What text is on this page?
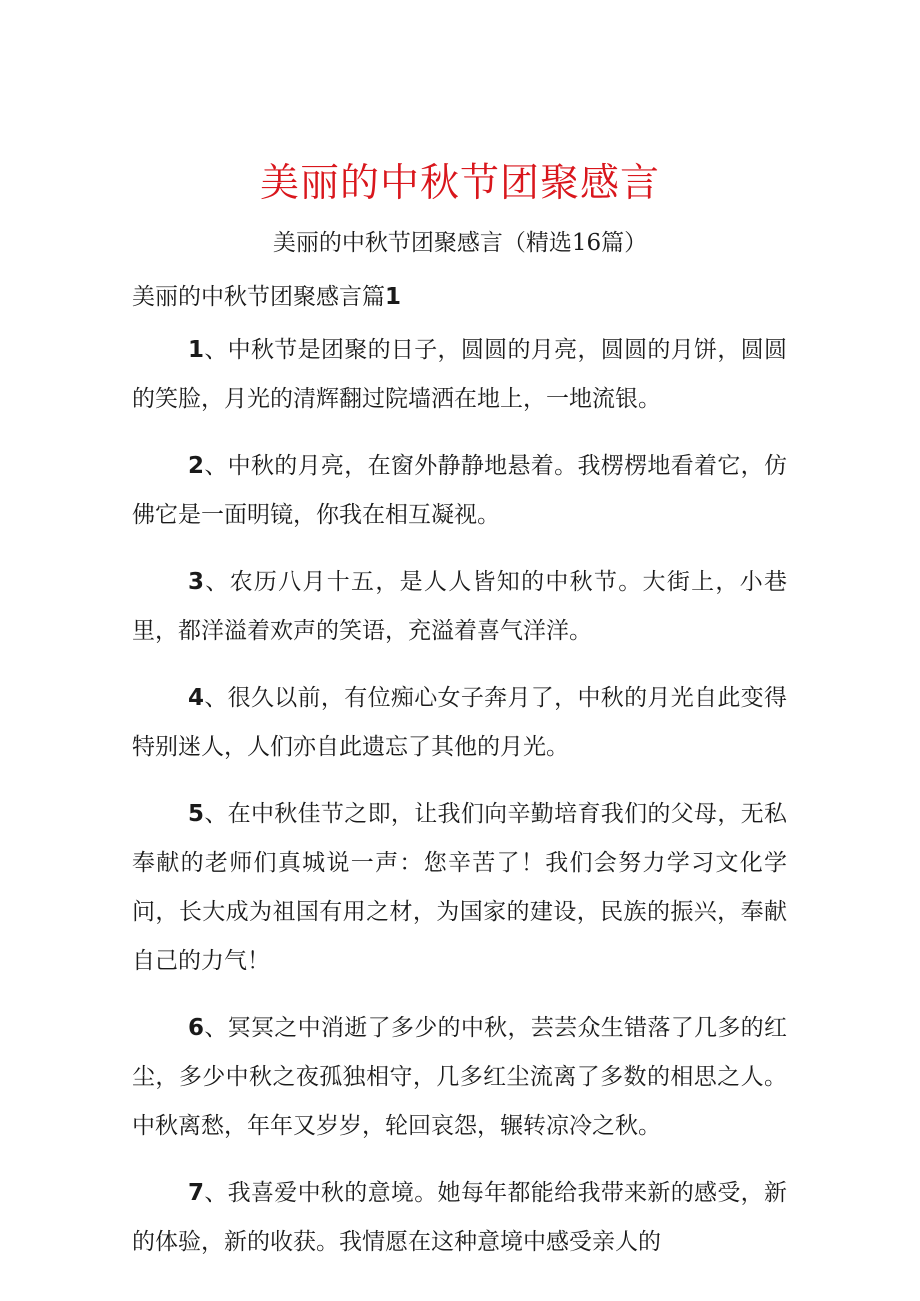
美丽的中秋节团聚感言

美丽的中秋节团聚感言（精选16篇）

美丽的中秋节团聚感言篇1

1、中秋节是团聚的日子，圆圆的月亮，圆圆的月饼，圆圆的笑脸，月光的清辉翻过院墙洒在地上，一地流银。

2、中秋的月亮，在窗外静静地悬着。我楞楞地看着它，仿佛它是一面明镜，你我在相互凝视。

3、农历八月十五，是人人皆知的中秋节。大街上，小巷里，都洋溢着欢声的笑语，充溢着喜气洋洋。

4、很久以前，有位痴心女子奔月了，中秋的月光自此变得特别迷人，人们亦自此遗忘了其他的月光。

5、在中秋佳节之即，让我们向辛勤培育我们的父母，无私奉献的老师们真城说一声：您辛苦了！我们会努力学习文化学问，长大成为祖国有用之材，为国家的建设，民族的振兴，奉献自己的力气！

6、冥冥之中消逝了多少的中秋，芸芸众生错落了几多的红尘，多少中秋之夜孤独相守，几多红尘流离了多数的相思之人。中秋离愁，年年又岁岁，轮回哀怨，辗转凉冷之秋。

7、我喜爱中秋的意境。她每年都能给我带来新的感受，新的体验，新的收获。我情愿在这种意境中感受亲人的
